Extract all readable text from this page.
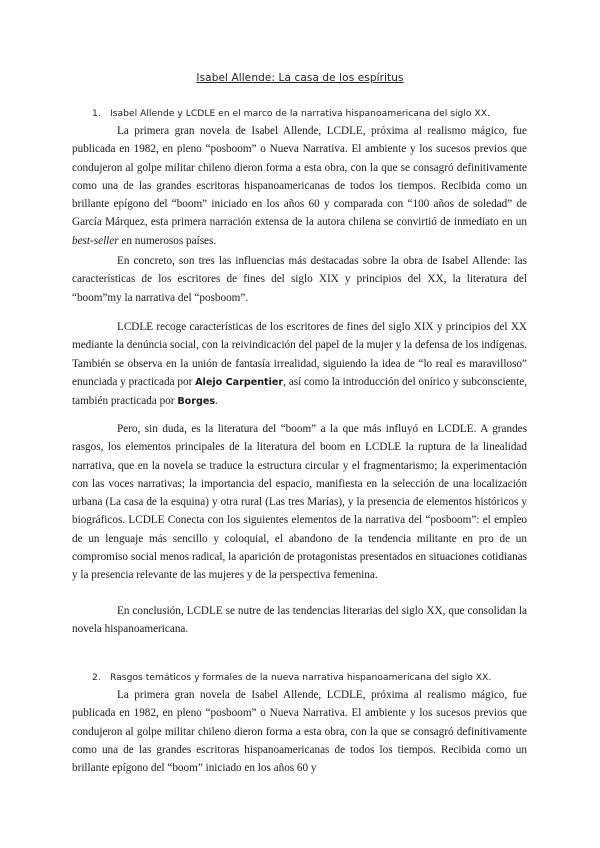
Isabel Allende: La casa de los espíritus
1. Isabel Allende y LCDLE en el marco de la narrativa hispanoamericana del siglo XX.

La primera gran novela de Isabel Allende, LCDLE, próxima al realismo mágico, fue publicada en 1982, en pleno “posboom” o Nueva Narrativa. El ambiente y los sucesos previos que condujeron al golpe militar chileno dieron forma a esta obra, con la que se consagró definitivamente como una de las grandes escritoras hispanoamericanas de todos los tiempos. Recibida como un brillante epígono del “boom” iniciado en los años 60 y comparada con “100 años de soledad” de García Márquez, esta primera narración extensa de la autora chilena se convirtió de inmediato en un best-seller en numerosos países.

En concreto, son tres las influencias más destacadas sobre la obra de Isabel Allende: las características de los escritores de fines del siglo XIX y principios del XX, la literatura del “boom”my la narrativa del “posboom”.

LCDLE recoge características de los escritores de fines del siglo XIX y principios del XX mediante la denúncia social, con la reivindicación del papel de la mujer y la defensa de los indígenas. También se observa en la unión de fantasía irrealidad, siguiendo la idea de “lo real es maravilloso” enunciada y practicada por Alejo Carpentier, así como la introducción del onírico y subconsciente, también practicada por Borges.

Pero, sin duda, es la literatura del “boom” a la que más influyó en LCDLE. A grandes rasgos, los elementos principales de la literatura del boom en LCDLE la ruptura de la linealidad narrativa, que en la novela se traduce la estructura circular y el fragmentarismo; la experimentación con las voces narrativas; la importancia del espacio, manifiesta en la selección de una localización urbana (La casa de la esquina) y otra rural (Las tres Marías), y la presencia de elementos históricos y biográficos. LCDLE Conecta con los siguientes elementos de la narrativa del “posboom”: el empleo de un lenguaje más sencillo y coloquial, el abandono de la tendencia militante en pro de un compromiso social menos radical, la aparición de protagonistas presentados en situaciones cotidianas y la presencia relevante de las mujeres y de la perspectiva femenina.

En conclusión, LCDLE se nutre de las tendencias literarias del siglo XX, que consolidan la novela hispanoamericana.

2. Rasgos temáticos y formales de la nueva narrativa hispanoamericana del siglo XX.

La primera gran novela de Isabel Allende, LCDLE, próxima al realismo mágico, fue publicada en 1982, en pleno “posboom” o Nueva Narrativa. El ambiente y los sucesos previos que condujeron al golpe militar chileno dieron forma a esta obra, con la que se consagró definitivamente como una de las grandes escritoras hispanoamericanas de todos los tiempos. Recibida como un brillante epígono del “boom” iniciado en los años 60 y
